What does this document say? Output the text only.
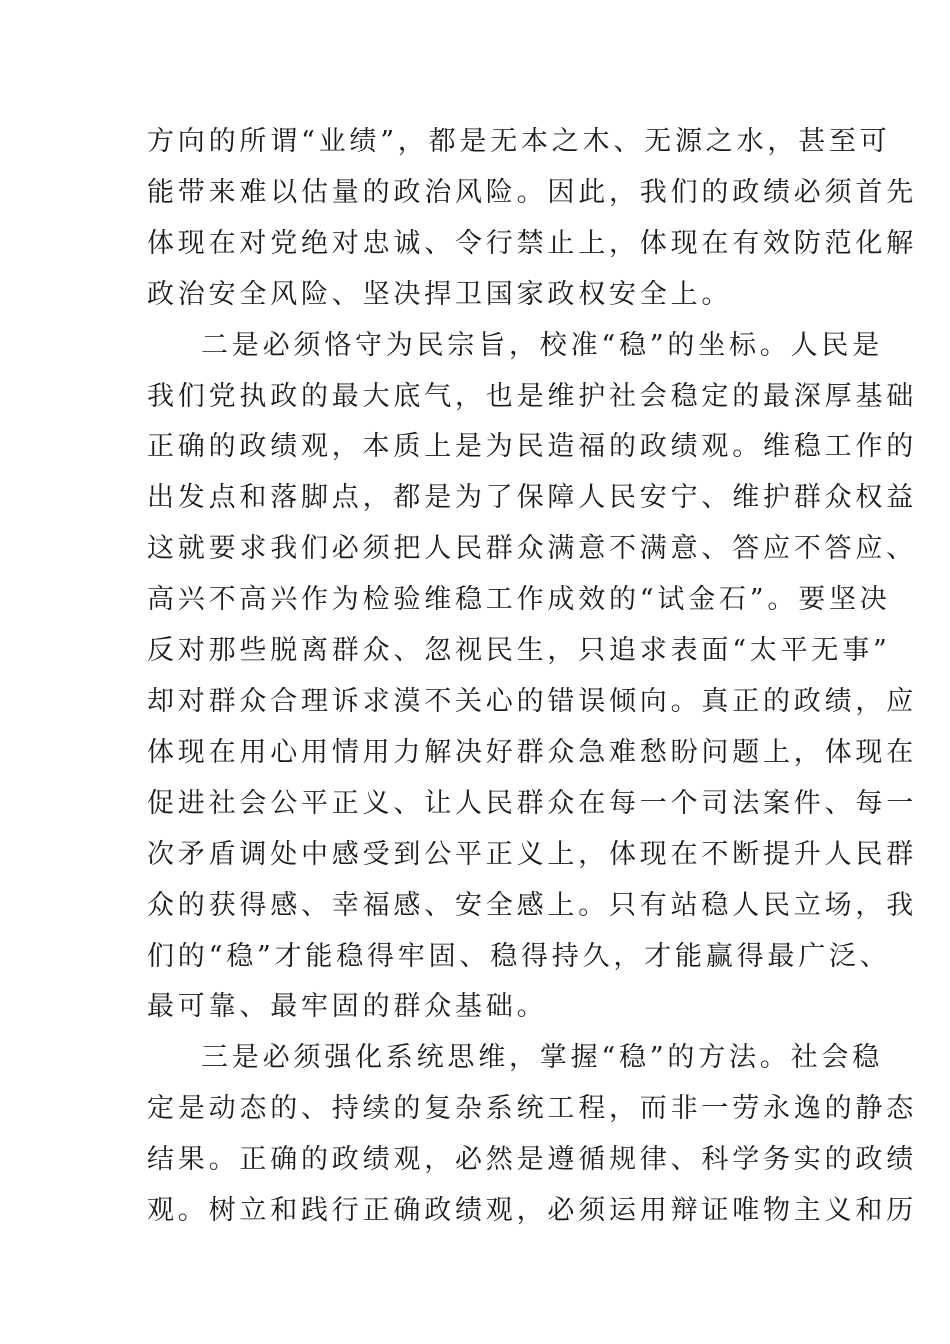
方向的所谓“业绩”，都是无本之木、无源之水，甚至可

能带来难以估量的政治风险。因此，我们的政绩必须首先

体现在对党绝对忠诚、令行禁止上，体现在有效防范化解

政治安全风险、坚决捍卫国家政权安全上。

二是必须恪守为民宗旨，校准“稳”的坐标。人民是

我们党执政的最大底气，也是维护社会稳定的最深厚基础

正确的政绩观，本质上是为民造福的政绩观。维稳工作的

出发点和落脚点，都是为了保障人民安宁、维护群众权益

这就要求我们必须把人民群众满意不满意、答应不答应、

高兴不高兴作为检验维稳工作成效的“试金石”。要坚决

反对那些脱离群众、忽视民生，只追求表面“太平无事”

却对群众合理诉求漠不关心的错误倾向。真正的政绩，应

体现在用心用情用力解决好群众急难愁盼问题上，体现在

促进社会公平正义、让人民群众在每一个司法案件、每一

次矛盾调处中感受到公平正义上，体现在不断提升人民群

众的获得感、幸福感、安全感上。只有站稳人民立场，我

们的“稳”才能稳得牢固、稳得持久，才能赢得最广泛、

最可靠、最牢固的群众基础。

三是必须强化系统思维，掌握“稳”的方法。社会稳

定是动态的、持续的复杂系统工程，而非一劳永逸的静态

结果。正确的政绩观，必然是遵循规律、科学务实的政绩

观。树立和践行正确政绩观，必须运用辩证唯物主义和历
